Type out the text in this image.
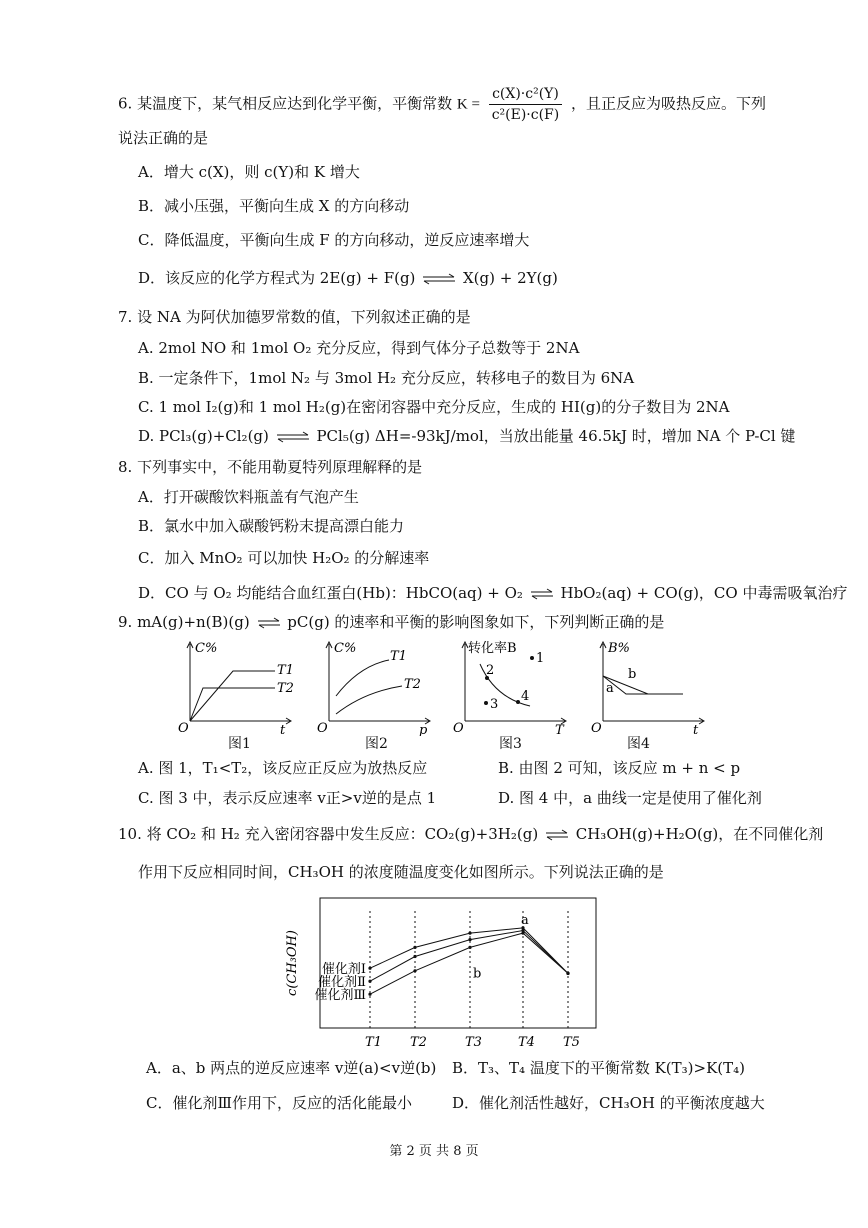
6. 某温度下，某气相反应达到化学平衡，平衡常数 $K = \frac{\text{c(X)·c²(Y)}}{\text{c²(E)·c(F)}}$ ，且正反应为吸热反应。下列
说法正确的是
A．增大 c(X)，则 c(Y)和 K 增大
B．减小压强，平衡向生成 X 的方向移动
C．降低温度，平衡向生成 F 的方向移动，逆反应速率增大
D．该反应的化学方程式为 2E(g) + F(g) ⇌ X(g) + 2Y(g)
7. 设 NA 为阿伏加德罗常数的值，下列叙述正确的是
A. 2mol NO 和 1mol O₂ 充分反应，得到气体分子总数等于 2NA
B. 一定条件下，1mol N₂ 与 3mol H₂ 充分反应，转移电子的数目为 6NA
C. 1 mol I₂(g)和 1 mol H₂(g)在密闭容器中充分反应，生成的 HI(g)的分子数目为 2NA
D. PCl₃(g)+Cl₂(g) ⇌ PCl₅(g) ΔH=-93kJ/mol，当放出能量 46.5kJ 时，增加 NA 个 P-Cl 键
8. 下列事实中，不能用勒夏特列原理解释的是
A．打开碳酸饮料瓶盖有气泡产生
B．氯水中加入碳酸钙粉末提高漂白能力
C．加入 MnO₂ 可以加快 H₂O₂ 的分解速率
D．CO 与 O₂ 均能结合血红蛋白(Hb)：HbCO(aq) + O₂ ⇌ HbO₂(aq) + CO(g)，CO 中毒需吸氧治疗
9. mA(g)+n(B)(g) ⇌ pC(g) 的速率和平衡的影响图象如下，下列判断正确的是
C%
O	t
T1
T2
图1
C%
O	p
T1
T2
图2
转化率B
O	T
1
2
3
4
图3
B%
O	t
a
b
图4
A. 图 1，T₁<T₂，该反应正反应为放热反应	B. 由图 2 可知，该反应 m + n < p
C. 图 3 中，表示反应速率 v正>v逆的是点 1	D. 图 4 中，a 曲线一定是使用了催化剂
10. 将 CO₂ 和 H₂ 充入密闭容器中发生反应：CO₂(g)+3H₂(g) ⇌ CH₃OH(g)+H₂O(g)，在不同催化剂
作用下反应相同时间，CH₃OH 的浓度随温度变化如图所示。下列说法正确的是
c(CH₃OH)
T1 T2	T3	T4 T5
催化剂Ⅰ
催化剂Ⅱ
催化剂Ⅲ
a
b
A．a、b 两点的逆反应速率 v逆(a)<v逆(b) B．T₃、T₄ 温度下的平衡常数 K(T₃)>K(T₄)
C．催化剂Ⅲ作用下，反应的活化能最小	D．催化剂活性越好，CH₃OH 的平衡浓度越大
第 2 页 共 8 页
